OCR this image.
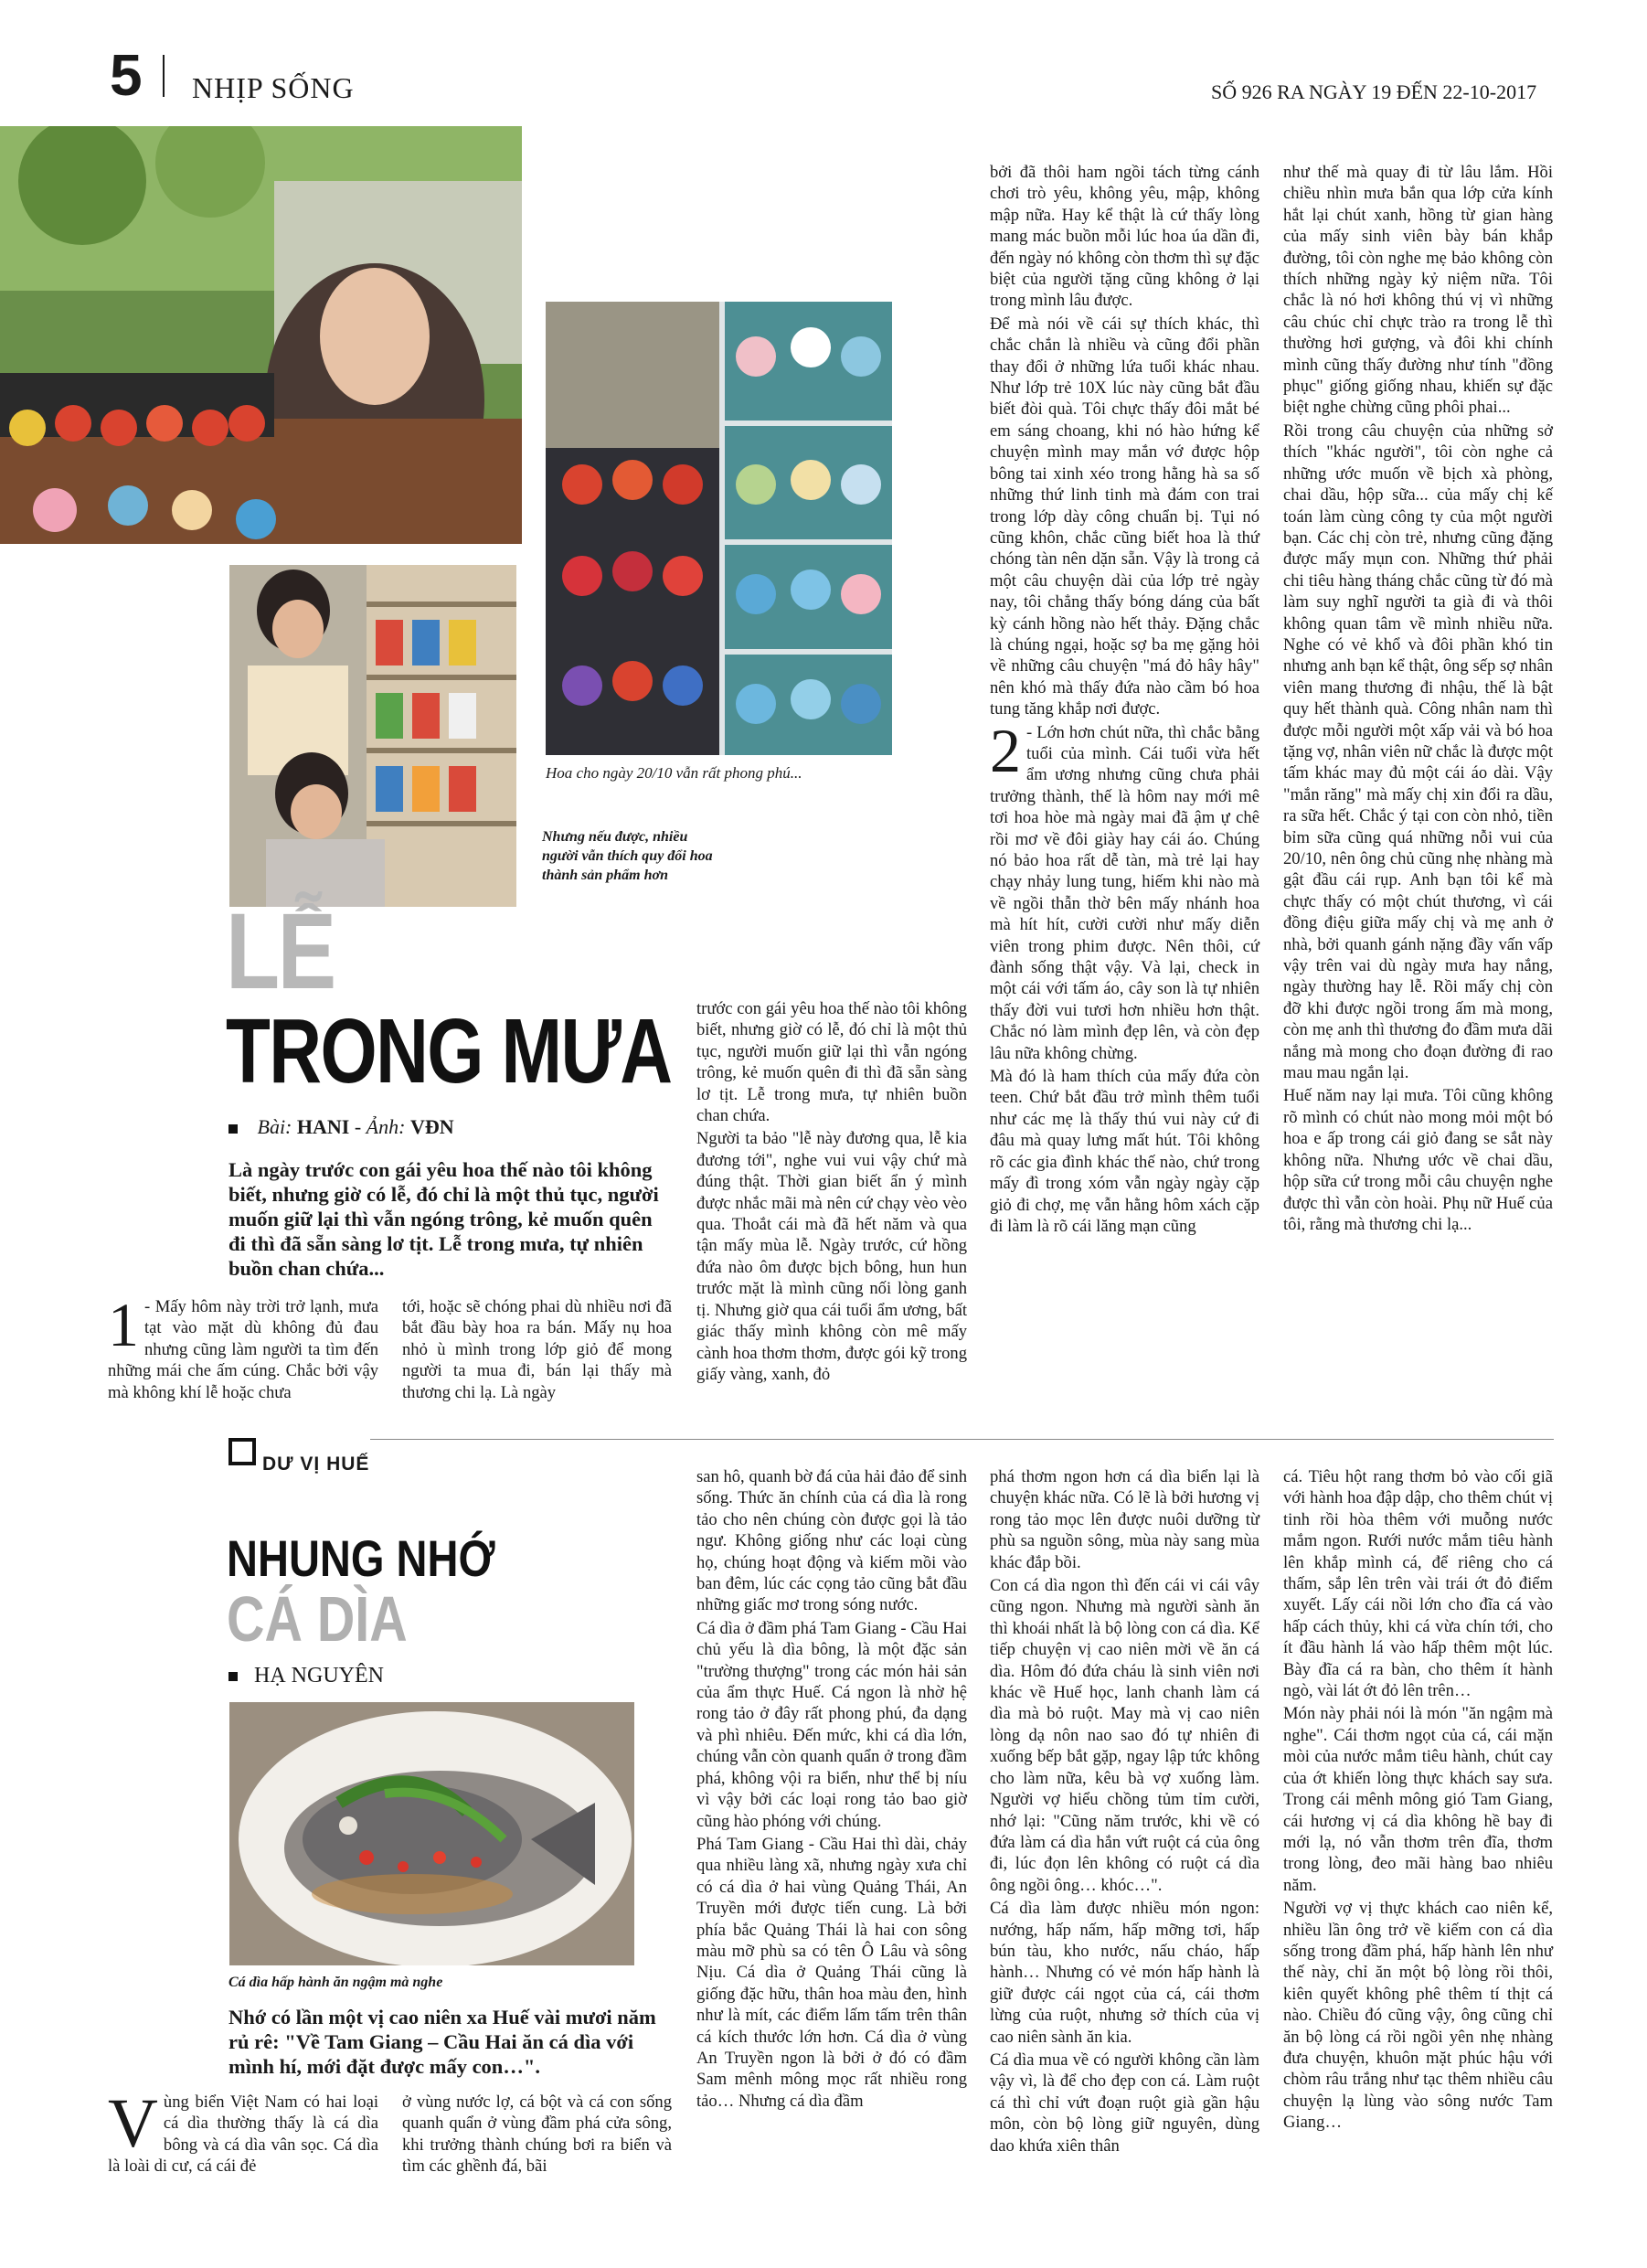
5 NHỊP SỐNG	SỐ 926 RA NGÀY 19 ĐẾN 22-10-2017
Hoa cho ngày 20/10 vẫn rất phong phú...
Nhưng nếu được, nhiều người vẫn thích quy đổi hoa thành sản phẩm hơn
LỄ
TRONG MƯA
Bài: HANI - Ảnh: VĐN
Là ngày trước con gái yêu hoa thế nào tôi không biết, nhưng giờ có lễ, đó chỉ là một thủ tục, người muốn giữ lại thì vẫn ngóng trông, kẻ muốn quên đi thì đã sẵn sàng lơ tịt. Lễ trong mưa, tự nhiên buồn chan chứa...
1 - Mấy hôm này trời trở lạnh, mưa tạt vào mặt dù không đủ đau nhưng cũng làm người ta tìm đến những mái che ấm cúng. Chắc bởi vậy mà không khí lễ hoặc chưa
tới, hoặc sẽ chóng phai dù nhiều nơi đã bắt đầu bày hoa ra bán. Mấy nụ hoa nhỏ ù mình trong lớp giỏ để mong người ta mua đi, bán lại thấy mà thương chi lạ. Là ngày

trước con gái yêu hoa thế nào tôi không biết, nhưng giờ có lễ, đó chỉ là một thủ tục, người muốn giữ lại thì vẫn ngóng trông, kẻ muốn quên đi thì đã sẵn sàng lơ tịt. Lễ trong mưa, tự nhiên buồn chan chứa.

Người ta bảo "lễ này đương qua, lễ kia đương tới", nghe vui vui vậy chứ mà đúng thật. Thời gian biết ẩn ý mình được nhắc mãi mà nên cứ chạy vèo vèo qua. Thoắt cái mà đã hết năm và qua tận mấy mùa lễ. Ngày trước, cứ hồng đứa nào ôm được bịch bông, hun hun trước mặt là mình cũng nối lòng ganh tị. Nhưng giờ qua cái tuổi ẩm ương, bất giác thấy mình không còn mê mấy cành hoa thơm thơm, được gói kỹ trong giấy vàng, xanh, đỏ

bởi đã thôi ham ngồi tách từng cánh chơi trò yêu, không yêu, mập, không mập nữa. Hay kể thật là cứ thấy lòng mang mác buồn mỗi lúc hoa úa dần đi, đến ngày nó không còn thơm thì sự đặc biệt của người tặng cũng không ở lại trong mình lâu được.

Để mà nói về cái sự thích khác, thì chắc chắn là nhiều và cũng đổi phần thay đổi ở những lứa tuổi khác nhau. Như lớp trẻ 10X lúc này cũng bắt đầu biết đòi quà. Tôi chực thấy đôi mắt bé em sáng choang, khi nó hào hứng kể chuyện mình may mắn vớ được hộp bông tai xinh xéo trong hằng hà sa số những thứ linh tinh mà đám con trai trong lớp dày công chuẩn bị. Tụi nó cũng khôn, chắc cũng biết hoa là thứ chóng tàn nên dặn sẵn. Vậy là trong cả một câu chuyện dài của lớp trẻ ngày nay, tôi chẳng thấy bóng dáng của bất kỳ cánh hồng nào hết thảy. Đặng chắc là chúng ngại, hoặc sợ ba mẹ gặng hỏi về những câu chuyện "má đỏ hây hây" nên khó mà thấy đứa nào cầm bó hoa tung tăng khắp nơi được.

2 - Lớn hơn chút nữa, thì chắc bằng tuổi của mình. Cái tuổi vừa hết ẩm ương nhưng cũng chưa phải trưởng thành, thế là hôm nay mới mê tơi hoa hòe mà ngày mai đã ậm ự chê rồi mơ về đôi giày hay cái áo. Chúng nó bảo hoa rất dễ tàn, mà trẻ lại hay chạy nhảy lung tung, hiếm khi nào mà về ngồi thẫn thờ bên mấy nhánh hoa mà hít hít, cười cười như mấy diễn viên trong phim được. Nên thôi, cứ đành sống thật vậy. Và lại, check in một cái với tấm áo, cây son là tự nhiên thấy đời vui tươi hơn nhiều hơn thật. Chắc nó làm mình đẹp lên, và còn đẹp lâu nữa không chừng.

Mà đó là ham thích của mấy đứa còn teen. Chứ bắt đầu trở mình thêm tuổi như các mẹ là thấy thú vui này cứ đi đâu mà quay lưng mất hút. Tôi không rõ các gia đình khác thế nào, chứ trong mấy đì trong xóm vẫn ngày ngày cặp giỏ đi chợ, mẹ vẫn hằng hôm xách cặp đi làm là rõ cái lăng mạn cũng

như thế mà quay đi từ lâu lắm. Hồi chiều nhìn mưa bắn qua lớp cửa kính hắt lại chút xanh, hồng từ gian hàng của mấy sinh viên bày bán khắp đường, tôi còn nghe mẹ bảo không còn thích những ngày kỷ niệm nữa. Tôi chắc là nó hơi không thú vị vì những câu chúc chỉ chực trào ra trong lễ thì thường hơi gượng, và đôi khi chính mình cũng thấy đường như tính "đồng phục" giống giống nhau, khiến sự đặc biệt nghe chừng cũng phôi phai...

Rồi trong câu chuyện của những sở thích "khác người", tôi còn nghe cả những ước muốn về bịch xà phòng, chai dầu, hộp sữa... của mấy chị kế toán làm cùng công ty của một người bạn. Các chị còn trẻ, nhưng cũng đặng được mấy mụn con. Những thứ phải chi tiêu hàng tháng chắc cũng từ đó mà làm suy nghĩ người ta già đi và thôi không quan tâm về mình nhiều nữa. Nghe có vẻ khổ và đôi phần khó tin nhưng anh bạn kể thật, ông sếp sợ nhân viên mang thương đi nhậu, thế là bật quy hết thành quà. Công nhân nam thì được mỗi người một xấp vải và bó hoa tặng vợ, nhân viên nữ chắc là được một tấm khác may đủ một cái áo dài. Vậy "mắn răng" mà mấy chị xin đổi ra dầu, ra sữa hết. Chắc ý tại con còn nhỏ, tiền bỉm sữa cũng quá những nỗi vui của 20/10, nên ông chủ cũng nhẹ nhàng mà gật đầu cái rụp. Anh bạn tôi kể mà chực thấy có một chút thương, vì cái đồng điệu giữa mấy chị và mẹ anh ở nhà, bởi quanh gánh nặng đầy vấn vấp vậy trên vai dù ngày mưa hay nắng, ngày thường hay lễ. Rồi mấy chị còn đỡ khi được ngồi trong ấm mà mong, còn mẹ anh thì thương đo đầm mưa dãi nắng mà mong cho đoạn đường đi rao mau mau ngắn lại.

Huế năm nay lại mưa. Tôi cũng không rõ mình có chút nào mong mỏi một bó hoa e ấp trong cái giỏ đang se sắt này không nữa. Nhưng ước về chai dầu, hộp sữa cứ trong mỗi câu chuyện nghe được thì vẫn còn hoài. Phụ nữ Huế của tôi, rằng mà thương chi lạ...

DƯ VỊ HUẾ
NHUNG NHỚ
CÁ DÌA
HẠ NGUYÊN
Cá dìa hấp hành ăn ngậm mà nghe
Nhớ có lần một vị cao niên xa Huế vài mươi năm rủ rê: "Về Tam Giang – Cầu Hai ăn cá dìa với mình hí, mới đặt được mấy con…".
V ùng biển Việt Nam có hai loại cá dìa thường thấy là cá dìa bông và cá dìa vân sọc. Cá dìa là loài di cư, cá cái đẻ
ở vùng nước lợ, cá bột và cá con sống quanh quẩn ở vùng đầm phá cửa sông, khi trưởng thành chúng bơi ra biển và tìm các ghềnh đá, bãi

san hô, quanh bờ đá của hải đảo để sinh sống. Thức ăn chính của cá dìa là rong tảo cho nên chúng còn được gọi là tảo ngư. Không giống như các loại cùng họ, chúng hoạt động và kiếm mồi vào ban đêm, lúc các cọng tảo cũng bắt đầu những giấc mơ trong sóng nước.

Cá dìa ở đầm phá Tam Giang - Cầu Hai chủ yếu là dìa bông, là một đặc sản "trường thượng" trong các món hải sản của ẩm thực Huế. Cá ngon là nhờ hệ rong tảo ở đây rất phong phú, đa dạng và phì nhiêu. Đến mức, khi cá dìa lớn, chúng vẫn còn quanh quẩn ở trong đầm phá, không vội ra biển, như thể bị níu vì vậy bởi các loại rong tảo bao giờ cũng hào phóng với chúng.

Phá Tam Giang - Cầu Hai thì dài, chảy qua nhiều làng xã, nhưng ngày xưa chỉ có cá dìa ở hai vùng Quảng Thái, An Truyền mới được tiến cung. Là bởi phía bắc Quảng Thái là hai con sông màu mỡ phù sa có tên Ô Lâu và sông Nịu. Cá dìa ở Quảng Thái cũng là giống đặc hữu, thân hoa màu đen, hình như là mít, các điểm lấm tấm trên thân cá kích thước lớn hơn. Cá dìa ở vùng An Truyền ngon là bởi ở đó có đầm Sam mênh mông mọc rất nhiều rong tảo… Nhưng cá dìa đầm

phá thơm ngon hơn cá dìa biển lại là chuyện khác nữa. Có lẽ là bởi hương vị rong tảo mọc lên được nuôi dưỡng từ phù sa nguồn sông, mùa này sang mùa khác đắp bồi.

Con cá dìa ngon thì đến cái vi cái vây cũng ngon. Nhưng mà người sành ăn thì khoái nhất là bộ lòng con cá dìa. Kể tiếp chuyện vị cao niên mời về ăn cá dìa. Hôm đó đứa cháu là sinh viên nơi khác về Huế học, lanh chanh làm cá dìa mà bỏ ruột. May mà vị cao niên lòng dạ nôn nao sao đó tự nhiên đi xuống bếp bắt gặp, ngay lập tức không cho làm nữa, kêu bà vợ xuống làm. Người vợ hiểu chồng tủm tỉm cười, nhớ lại: "Cũng năm trước, khi về có đứa làm cá dìa hắn vứt ruột cá của ông đi, lúc đọn lên không có ruột cá dìa ông ngồi ông… khóc…".

Cá dìa làm được nhiều món ngon: nướng, hấp nấm, hấp mỡng tơi, hấp bún tàu, kho nước, nấu cháo, hấp hành… Nhưng có vẻ món hấp hành là giữ được cái ngọt của cá, cái thơm lừng của ruột, nhưng sở thích của vị cao niên sành ăn kia.

Cá dìa mua về có người không cần làm vậy vì, là để cho đẹp con cá. Làm ruột cá thì chỉ vứt đoạn ruột già gần hậu môn, còn bộ lòng giữ nguyên, dùng dao khứa xiên thân

cá. Tiêu hột rang thơm bỏ vào cối giã với hành hoa đập dập, cho thêm chút vị tinh rồi hòa thêm với muỗng nước mắm ngon. Rưới nước mắm tiêu hành lên khắp mình cá, để riêng cho cá thấm, sắp lên trên vài trái ớt đỏ điểm xuyết. Lấy cái nồi lớn cho đĩa cá vào hấp cách thủy, khi cá vừa chín tới, cho ít đầu hành lá vào hấp thêm một lúc. Bày đĩa cá ra bàn, cho thêm ít hành ngò, vài lát ớt đỏ lên trên…

Món này phải nói là món "ăn ngậm mà nghe". Cái thơm ngọt của cá, cái mặn mòi của nước mắm tiêu hành, chút cay của ớt khiến lòng thực khách say sưa. Trong cái mênh mông gió Tam Giang, cái hương vị cá dìa không hề bay đi mới lạ, nó vẫn thơm trên đĩa, thơm trong lòng, đeo mãi hàng bao nhiêu năm.

Người vợ vị thực khách cao niên kể, nhiều lần ông trở về kiếm con cá dìa sống trong đầm phá, hấp hành lên như thế này, chỉ ăn một bộ lòng rồi thôi, kiên quyết không phê thêm tí thịt cá nào. Chiều đó cũng vậy, ông cũng chỉ ăn bộ lòng cá rồi ngồi yên nhẹ nhàng đưa chuyện, khuôn mặt phúc hậu với chòm râu trắng như tạc thêm nhiều câu chuyện lạ lùng vào sông nước Tam Giang…
